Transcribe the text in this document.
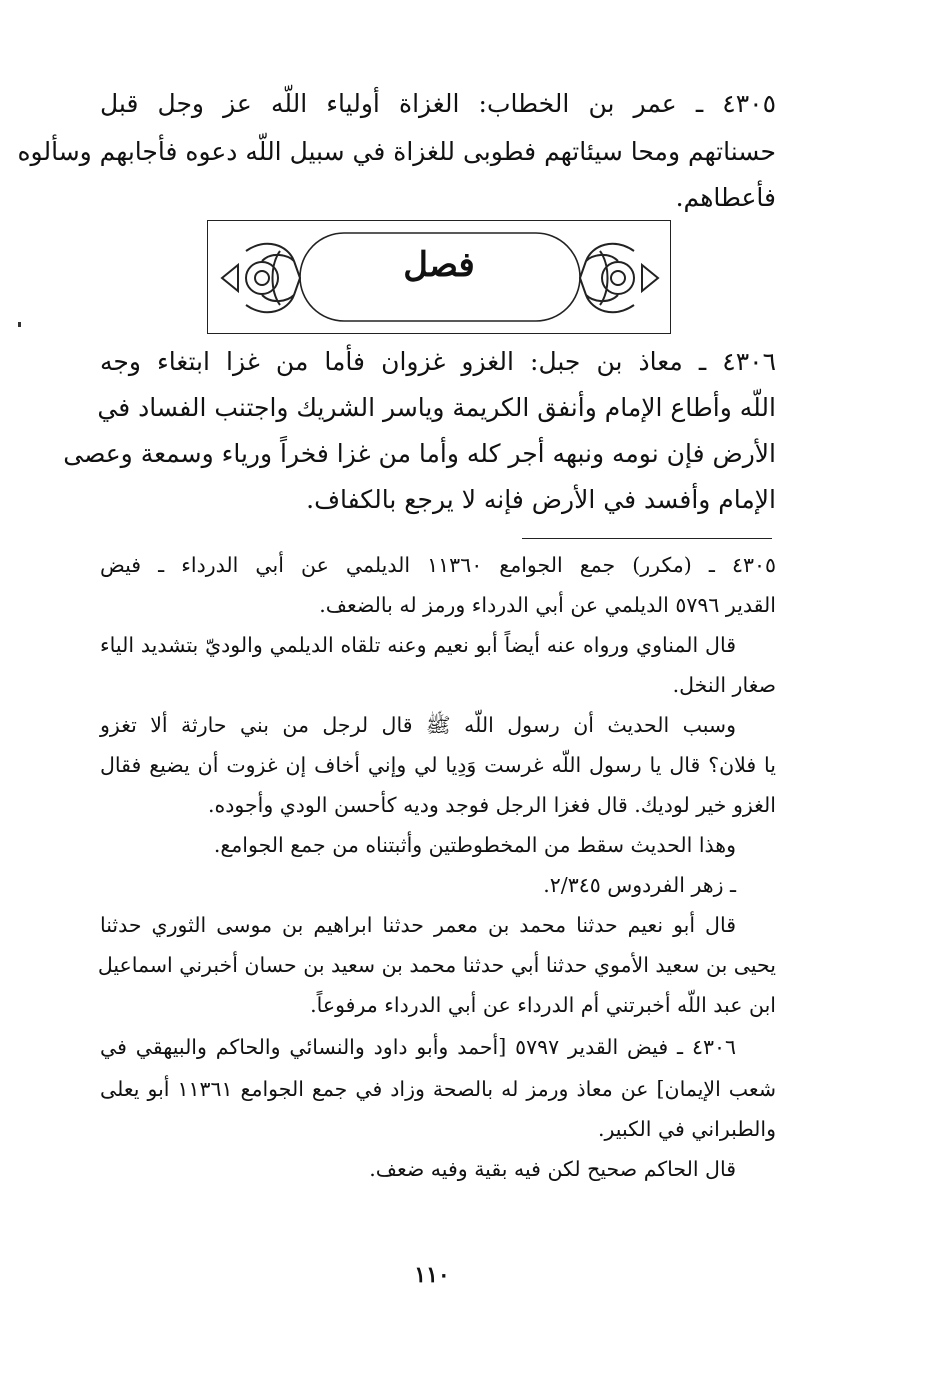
٤٣٠٥ ـ عمر بن الخطاب: الغزاة أولياء اللّه عز وجل قبل
حسناتهم ومحا سيئاتهم فطوبى للغزاة في سبيل اللّه دعوه فأجابهم وسألوه
فأعطاهم.
فصل
٤٣٠٦ ـ معاذ بن جبل: الغزو غزوان فأما من غزا ابتغاء وجه
اللّه وأطاع الإمام وأنفق الكريمة وياسر الشريك واجتنب الفساد في
الأرض فإن نومه ونبهه أجر كله وأما من غزا فخراً ورياء وسمعة وعصى
الإمام وأفسد في الأرض فإنه لا يرجع بالكفاف.
٤٣٠٥ ـ (مكرر) جمع الجوامع ١١٣٦٠ الديلمي عن أبي الدرداء ـ فيض
القدير ٥٧٩٦ الديلمي عن أبي الدرداء ورمز له بالضعف.
قال المناوي ورواه عنه أيضاً أبو نعيم وعنه تلقاه الديلمي والوديّ بتشديد الياء
صغار النخل.
وسبب الحديث أن رسول اللّه ﷺ قال لرجل من بني حارثة ألا تغزو
يا فلان؟ قال يا رسول اللّه غرست وَدِيا لي وإني أخاف إن غزوت أن يضيع فقال
الغزو خير لوديك. قال فغزا الرجل فوجد وديه كأحسن الودي وأجوده.
وهذا الحديث سقط من المخطوطتين وأثبتناه من جمع الجوامع.
ـ زهر الفردوس ٢/٣٤٥.
قال أبو نعيم حدثنا محمد بن معمر حدثنا ابراهيم بن موسى الثوري حدثنا
يحيى بن سعيد الأموي حدثنا أبي حدثنا محمد بن سعيد بن حسان أخبرني اسماعيل
ابن عبد اللّه أخبرتني أم الدرداء عن أبي الدرداء مرفوعاً.
٤٣٠٦ ـ فيض القدير ٥٧٩٧ [أحمد وأبو داود والنسائي والحاكم والبيهقي في
شعب الإيمان] عن معاذ ورمز له بالصحة وزاد في جمع الجوامع ١١٣٦١ أبو يعلى
والطبراني في الكبير.
قال الحاكم صحيح لكن فيه بقية وفيه ضعف.
١١٠
